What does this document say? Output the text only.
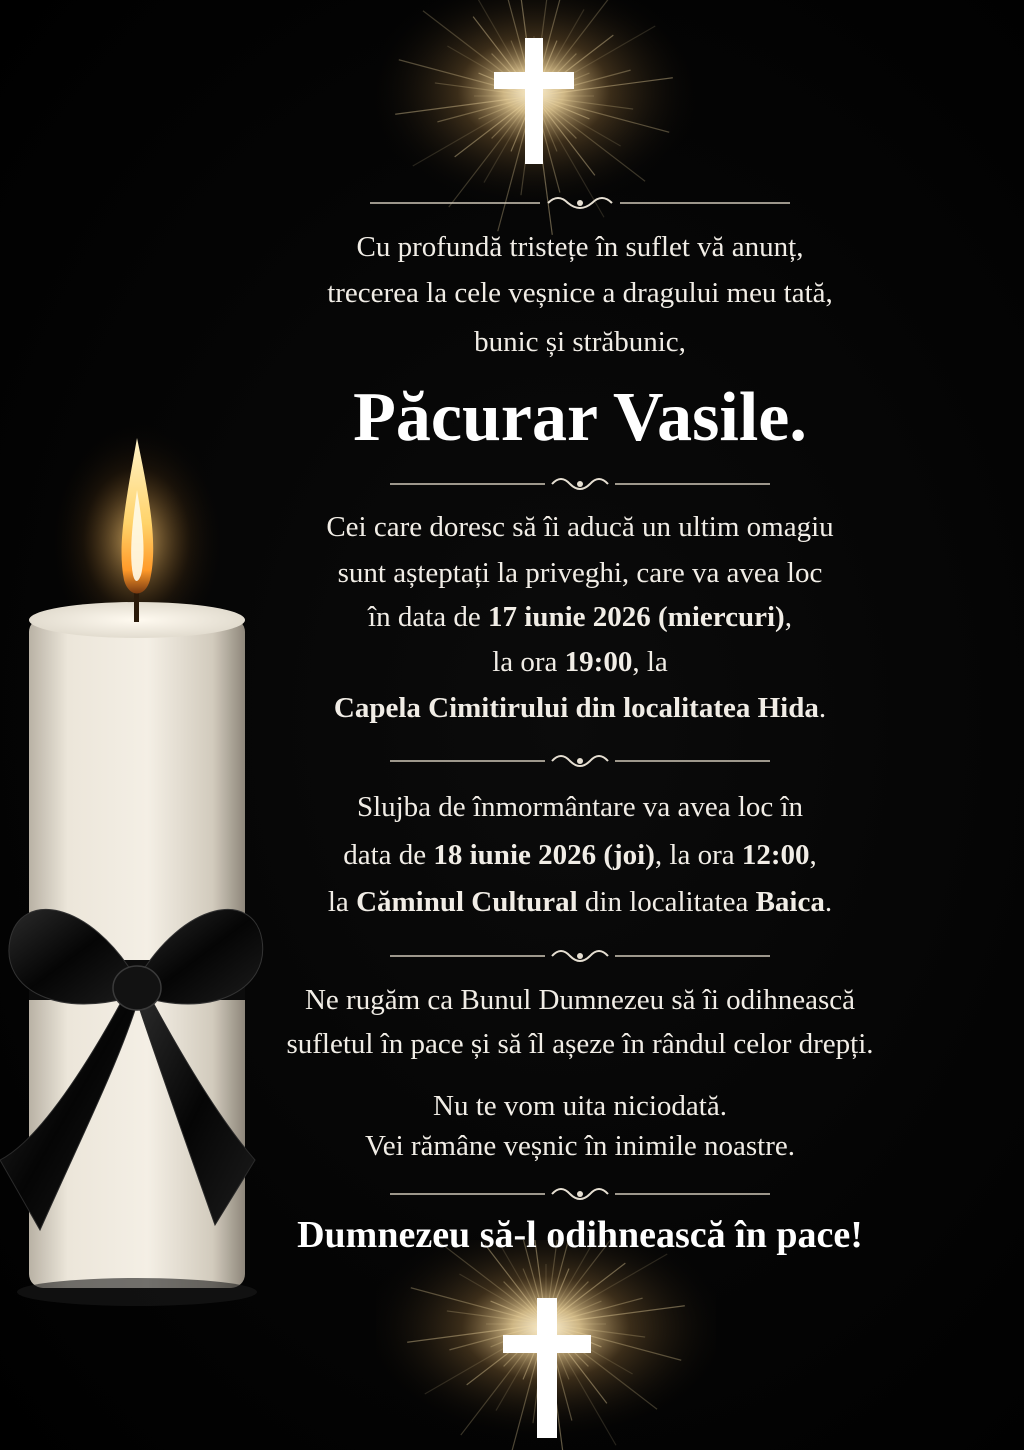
Cu profundă tristețe în suflet vă anunț,
trecerea la cele veșnice a dragului meu tată,
bunic și străbunic,
Păcurar Vasile.
Cei care doresc să îi aducă un ultim omagiu
sunt așteptați la priveghi, care va avea loc
în data de 17 iunie 2026 (miercuri),
la ora 19:00, la
Capela Cimitirului din localitatea Hida.
Slujba de înmormântare va avea loc în
data de 18 iunie 2026 (joi), la ora 12:00,
la Căminul Cultural din localitatea Baica.
Ne rugăm ca Bunul Dumnezeu să îi odihnească
sufletul în pace și să îl așeze în rândul celor drepți.
Nu te vom uita niciodată.
Vei rămâne veșnic în inimile noastre.
Dumnezeu să-l odihnească în pace!
